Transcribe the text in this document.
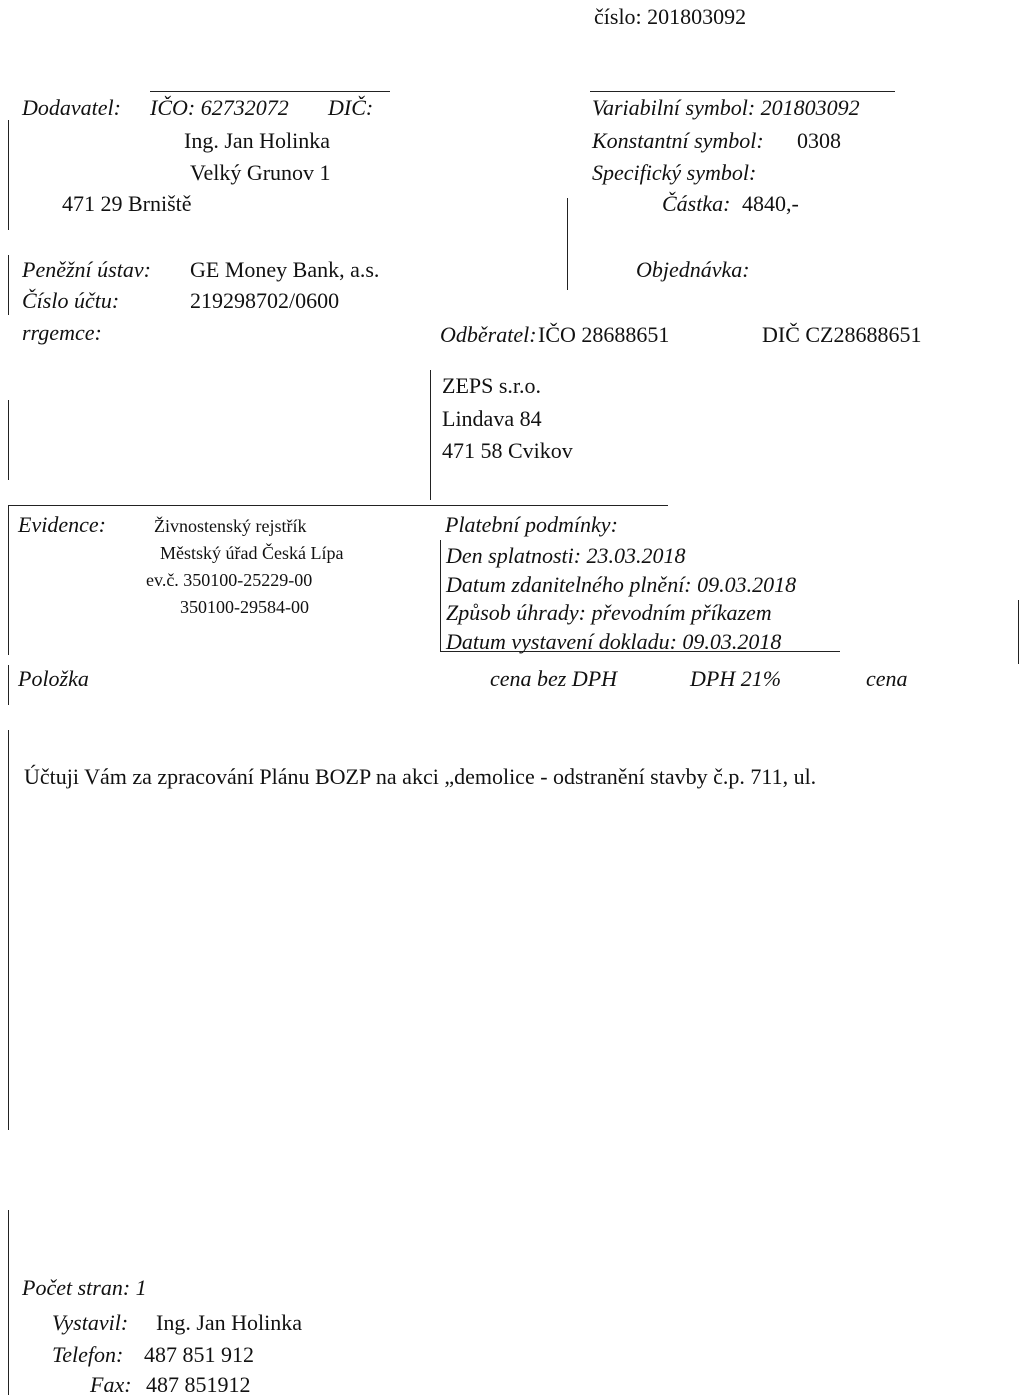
číslo: 201803092
Dodavatel: IČO: 62732072 DIČ:
Ing. Jan Holinka
Velký Grunov 1
471 29 Brniště
Variabilní symbol: 201803092
Konstantní symbol: 0308
Specifický symbol:
Částka: 4840,-
Objednávka:
Peněžní ústav: GE Money Bank, a.s.
Číslo účtu:	219298702/0600
rrgemce:	Odběratel: IČO 28688651	DIČ CZ28688651
ZEPS s.r.o.
Lindava 84
471 58 Cvikov
Evidence:	Živnostenský rejstřík
Městský úřad Česká Lípa
ev.č. 350100-25229-00
350100-29584-00
Platební podmínky:
Den splatnosti: 23.03.2018
Datum zdanitelného plnění: 09.03.2018
Způsob úhrady: převodním příkazem
Datum vystavení dokladu: 09.03.2018
Položka	cena bez DPH	DPH 21%	cena
Účtuji Vám za zpracování Plánu BOZP na akci „demolice - odstranění stavby č.p. 711, ul.
Počet stran: 1
Vystavil: Ing. Jan Holinka
Telefon: 487 851 912
Fax: 487 851912
